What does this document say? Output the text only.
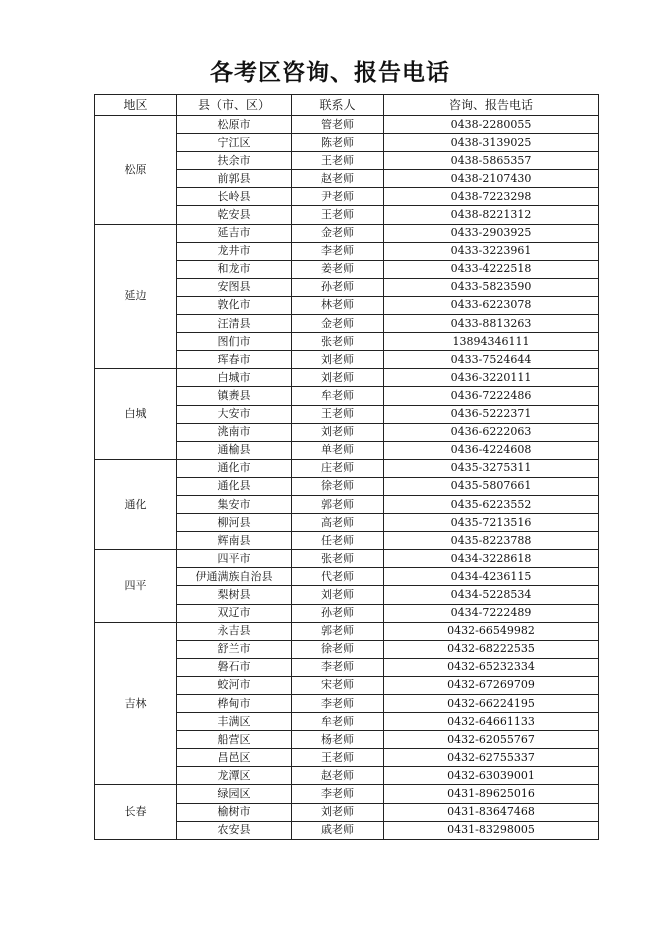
各考区咨询、报告电话
地区	县（市、区）	联系人	咨询、报告电话
松原	松原市	管老师	0438-2280055
	宁江区	陈老师	0438-3139025
	扶余市	王老师	0438-5865357
	前郭县	赵老师	0438-2107430
	长岭县	尹老师	0438-7223298
	乾安县	王老师	0438-8221312
延边	延吉市	金老师	0433-2903925
	龙井市	李老师	0433-3223961
	和龙市	姜老师	0433-4222518
	安图县	孙老师	0433-5823590
	敦化市	林老师	0433-6223078
	汪清县	金老师	0433-8813263
	图们市	张老师	13894346111
	珲春市	刘老师	0433-7524644
白城	白城市	刘老师	0436-3220111
	镇赉县	牟老师	0436-7222486
	大安市	王老师	0436-5222371
	洮南市	刘老师	0436-6222063
	通榆县	单老师	0436-4224608
通化	通化市	庄老师	0435-3275311
	通化县	徐老师	0435-5807661
	集安市	郭老师	0435-6223552
	柳河县	高老师	0435-7213516
	辉南县	任老师	0435-8223788
四平	四平市	张老师	0434-3228618
	伊通满族自治县	代老师	0434-4236115
	梨树县	刘老师	0434-5228534
	双辽市	孙老师	0434-7222489
吉林	永吉县	郭老师	0432-66549982
	舒兰市	徐老师	0432-68222535
	磐石市	李老师	0432-65232334
	蛟河市	宋老师	0432-67269709
	桦甸市	李老师	0432-66224195
	丰满区	牟老师	0432-64661133
	船营区	杨老师	0432-62055767
	昌邑区	王老师	0432-62755337
	龙潭区	赵老师	0432-63039001
长春	绿园区	李老师	0431-89625016
	榆树市	刘老师	0431-83647468
	农安县	戚老师	0431-83298005
